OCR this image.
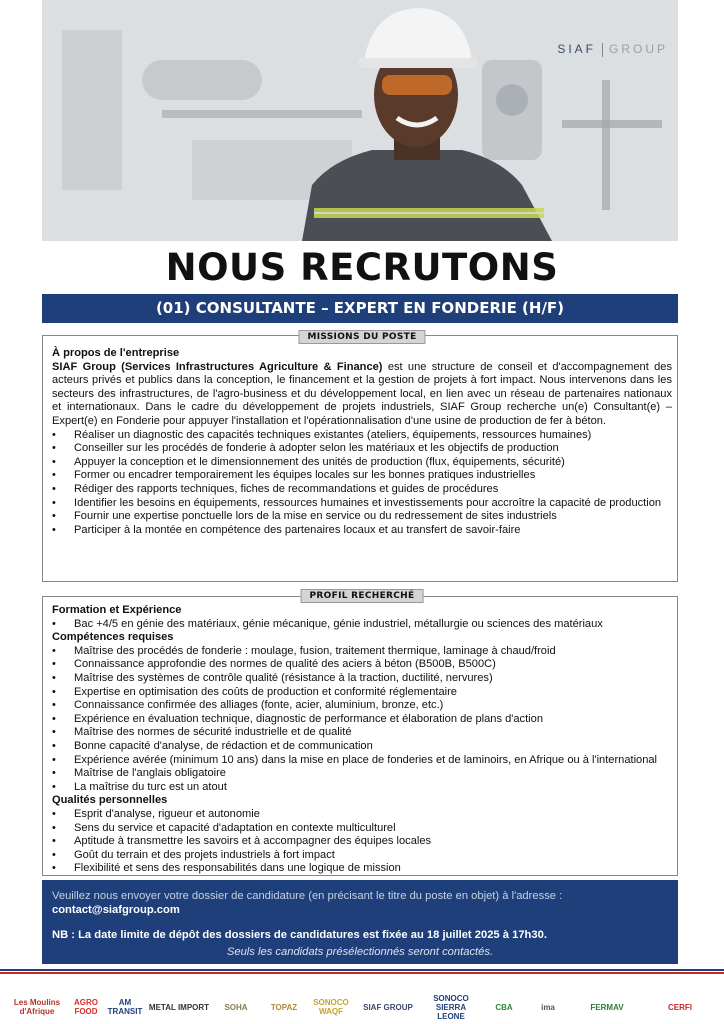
SIAF GROUP
NOUS RECRUTONS
(01) CONSULTANTE – EXPERT EN FONDERIE (H/F)
MISSIONS DU POSTE

À propos de l'entreprise

SIAF Group (Services Infrastructures Agriculture & Finance) est une structure de conseil et d'accompagnement des acteurs privés et publics dans la conception, le financement et la gestion de projets à fort impact. Nous intervenons dans les secteurs des infrastructures, de l'agro-business et du développement local, en lien avec un réseau de partenaires nationaux et internationaux. Dans le cadre du développement de projets industriels, SIAF Group recherche un(e) Consultant(e) – Expert(e) en Fonderie pour appuyer l'installation et l'opérationnalisation d'une usine de production de fer à béton.

• Réaliser un diagnostic des capacités techniques existantes (ateliers, équipements, ressources humaines)
• Conseiller sur les procédés de fonderie à adopter selon les matériaux et les objectifs de production
• Appuyer la conception et le dimensionnement des unités de production (flux, équipements, sécurité)
• Former ou encadrer temporairement les équipes locales sur les bonnes pratiques industrielles
• Rédiger des rapports techniques, fiches de recommandations et guides de procédures
• Identifier les besoins en équipements, ressources humaines et investissements pour accroître la capacité de production
• Fournir une expertise ponctuelle lors de la mise en service ou du redressement de sites industriels
• Participer à la montée en compétence des partenaires locaux et au transfert de savoir-faire
PROFIL RECHERCHÉ

Formation et Expérience

• Bac +4/5 en génie des matériaux, génie mécanique, génie industriel, métallurgie ou sciences des matériaux

Compétences requises

• Maîtrise des procédés de fonderie : moulage, fusion, traitement thermique, laminage à chaud/froid
• Connaissance approfondie des normes de qualité des aciers à béton (B500B, B500C)
• Maîtrise des systèmes de contrôle qualité (résistance à la traction, ductilité, nervures)
• Expertise en optimisation des coûts de production et conformité réglementaire
• Connaissance confirmée des alliages (fonte, acier, aluminium, bronze, etc.)
• Expérience en évaluation technique, diagnostic de performance et élaboration de plans d'action
• Maîtrise des normes de sécurité industrielle et de qualité
• Bonne capacité d'analyse, de rédaction et de communication
• Expérience avérée (minimum 10 ans) dans la mise en place de fonderies et de laminoirs, en Afrique ou à l'international
• Maîtrise de l'anglais obligatoire
• La maîtrise du turc est un atout

Qualités personnelles

• Esprit d'analyse, rigueur et autonomie
• Sens du service et capacité d'adaptation en contexte multiculturel
• Aptitude à transmettre les savoirs et à accompagner des équipes locales
• Goût du terrain et des projets industriels à fort impact
• Flexibilité et sens des responsabilités dans une logique de mission
Veuillez nous envoyer votre dossier de candidature (en précisant le titre du poste en objet) à l'adresse :
contact@siafgroup.com
NB : La date limite de dépôt des dossiers de candidatures est fixée au 18 juillet 2025 à 17h30.
Seuls les candidats présélectionnés seront contactés.
Les Moulins d'Afrique
AGRO FOOD
AM TRANSIT METAL IMPORT SOHA	TOPAZ	SONOCO WAQF	SIAF GROUP
SONOCO SIERRA LEONE
CBA	ima	FERMAV	CERFI
